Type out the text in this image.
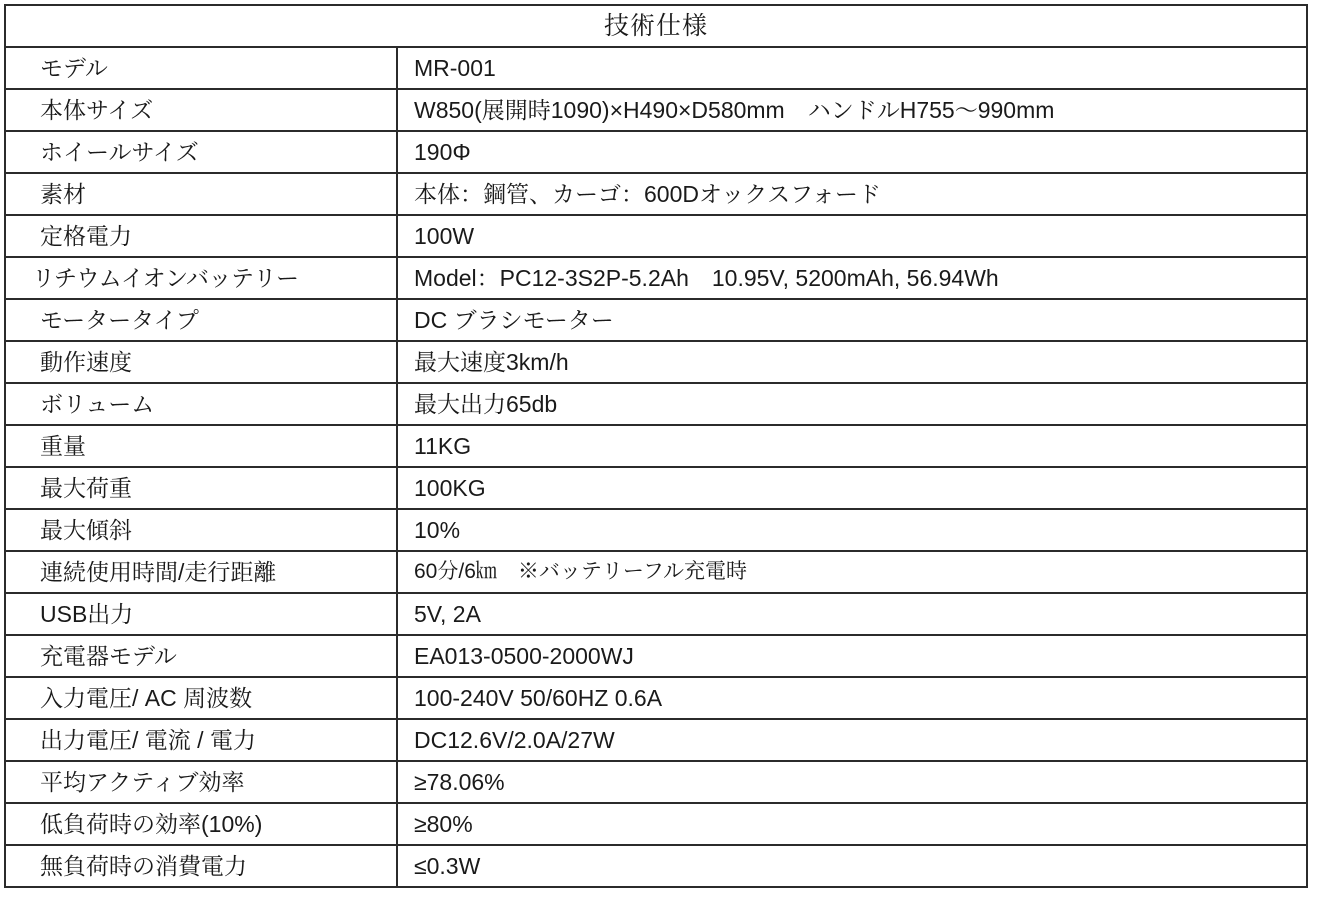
技術仕様	

モデル	MR-001

本体サイズ	W850(展開時1090)×H490×D580mm　ハンドルH755〜990mm

ホイールサイズ	190Φ

素材	本体：鋼管、カーゴ：600Dオックスフォード

定格電力	100W

リチウムイオンバッテリー	Model：PC12-3S2P-5.2Ah　10.95V, 5200mAh, 56.94Wh

モータータイプ	DC ブラシモーター

動作速度	最大速度3km/h

ボリューム	最大出力65db

重量	11KG

最大荷重	100KG

最大傾斜	10%

連続使用時間/走行距離	60分/6㎞　※バッテリーフル充電時

USB出力	5V, 2A

充電器モデル	EA013-0500-2000WJ

入力電圧/ AC 周波数	100-240V 50/60HZ 0.6A

出力電圧/ 電流 / 電力	DC12.6V/2.0A/27W

平均アクティブ効率	≥78.06%

低負荷時の効率(10%)	≥80%

無負荷時の消費電力	≤0.3W
